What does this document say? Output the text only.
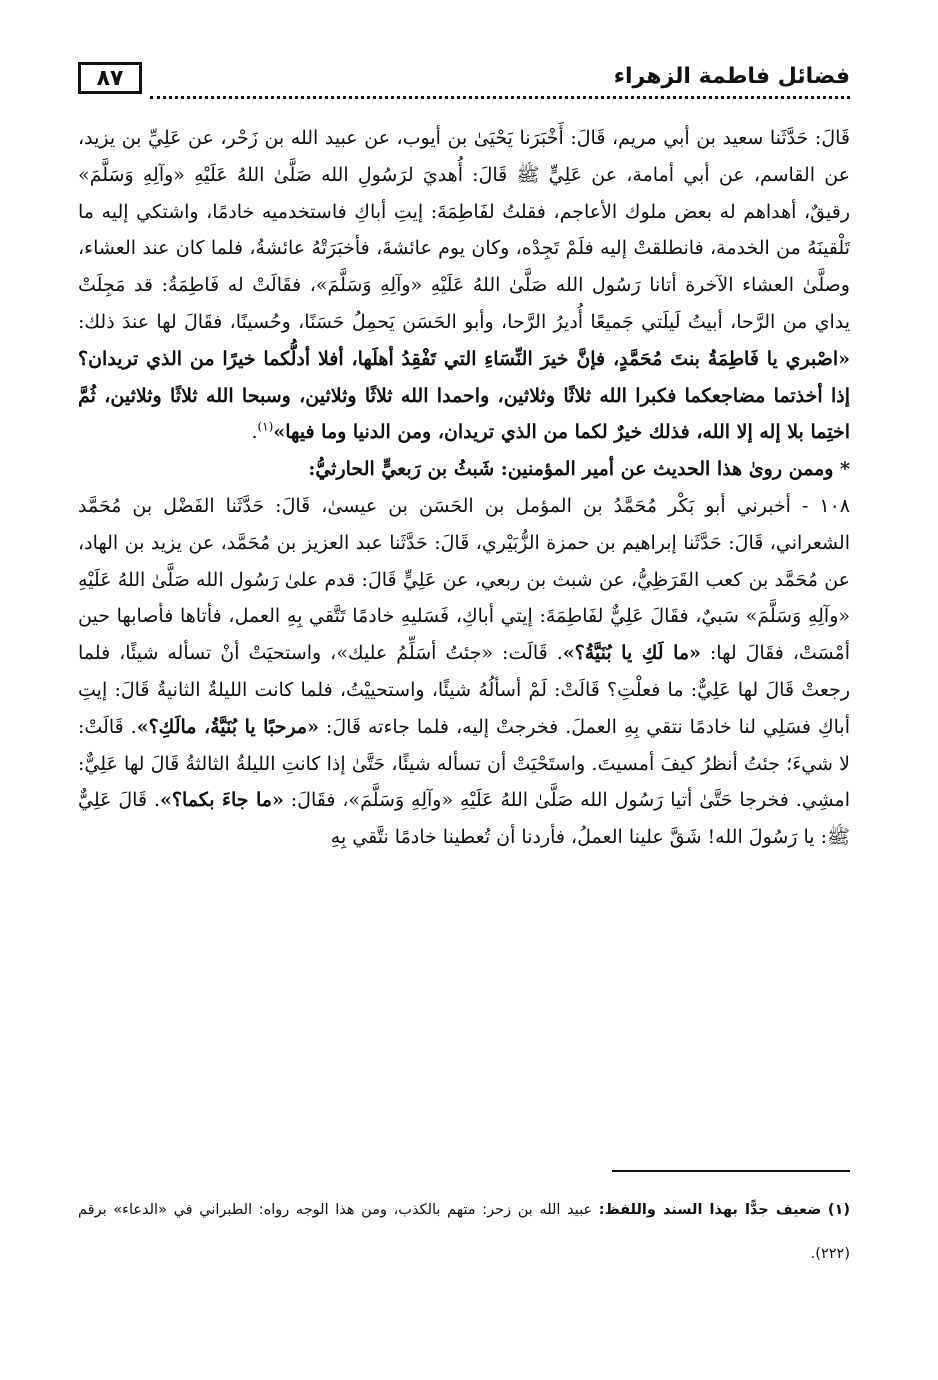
٨٧	فضائل فاطمة الزهراء

قَالَ: حَدَّثَنا سعيد بن أبي مريم، قَالَ: أَخْبَرَنا يَحْيَىٰ بن أيوب، عن عبيد الله بن زَحْر، عن عَلِيِّ بن يزيد، عن القاسم، عن أبي أمامة، عن عَلِيٍّ ﷺ قَالَ: أُهديَ لرَسُولِ الله صَلَّىٰ اللهُ عَلَيْهِ «وآلِهِ وَسَلَّمَ» رقيقٌ، أهداهم له بعض ملوك الأعاجم، فقلتُ لفَاطِمَةَ: إيتِ أباكِ فاستخدميه خادمًا، واشتكي إليه ما تَلْقينَهُ من الخدمة، فانطلقتْ إليه فلَمْ تَجِدْه، وكان يوم عائشةَ، فأخبَرَتْهُ عائشةُ، فلما كان عند العشاء، وصلَّىٰ العشاء الآخرة أتانا رَسُول الله صَلَّىٰ اللهُ عَلَيْهِ «وآلِهِ وَسَلَّمَ»، فقَالَتْ له فَاطِمَةُ: قد مَجِلَتْ يداي من الرَّحا، أبيتُ لَيلَتي جَميعًا أُديرُ الرَّحا، وأبو الحَسَن يَحمِلُ حَسَنًا، وحُسينًا، فقَالَ لها عندَ ذلك: «اصْبري يا فَاطِمَةُ بنتَ مُحَمَّدٍ، فإنَّ خيرَ النِّسَاءِ التي تَفْقِدُ أهلَها، أفلا أدلُّكما خيرًا من الذي تريدان؟ إذا أخذتما مضاجعكما فكبرا الله ثلاثًا وثلاثين، واحمدا الله ثلاثًا وثلاثين، وسبحا الله ثلاثًا وثلاثين، ثُمَّ اختِما بلا إله إلا الله، فذلك خيرٌ لكما من الذي تريدان، ومن الدنيا وما فيها»$^{(١)}$.

* وممن روىٰ هذا الحديث عن أمير المؤمنين: شَبثُ بن رَبعيٍّ الحارثيُّ:

١٠٨ - أخبرني أبو بَكْر مُحَمَّدُ بن المؤمل بن الحَسَن بن عيسىٰ، قَالَ: حَدَّثَنا الفَضْل بن مُحَمَّد الشعراني، قَالَ: حَدَّثَنا إبراهيم بن حمزة الزُّبَيْري، قَالَ: حَدَّثَنا عبد العزيز بن مُحَمَّد، عن يزيد بن الهاد، عن مُحَمَّد بن كعب القَرَظِيُّ، عن شبث بن ربعي، عن عَلِيٍّ قَالَ: قدم علىٰ رَسُول الله صَلَّىٰ اللهُ عَلَيْهِ «وآلِهِ وَسَلَّمَ» سَبيٌ، فقَالَ عَلِيٌّ لفَاطِمَةَ: إيتي أباكِ، فَسَليهِ خادمًا تَتَّقي بِهِ العمل، فأتاها فأصابها حين أمْسَتْ، فقَالَ لها: «ما لَكِ يا بُنَيَّةُ؟». قَالَت: «جئتُ أسَلِّمُ عليك»، واستحيَتْ أنْ تسأله شيئًا، فلما رجعتْ قَالَ لها عَلِيٌّ: ما فعلْتِ؟ قَالَتْ: لَمْ أسألُهُ شيئًا، واستحييْتُ، فلما كانت الليلةُ الثانيةُ قَالَ: إيتِ أباكِ فسَلِي لنا خادمًا نتقي بِهِ العملَ. فخرجتْ إليه، فلما جاءته قَالَ: «مرحبًا يا بُنَيَّةُ، مالَكِ؟». قَالَتْ: لا شيءَ؛ جئتُ أنظرُ كيفَ أمسيتَ. واستَحْيَتْ أن تسأله شيئًا، حَتَّىٰ إذا كانتِ الليلةُ الثالثةُ قَالَ لها عَلِيٌّ: امشِي. فخرجا حَتَّىٰ أتيا رَسُول الله صَلَّىٰ اللهُ عَلَيْهِ «وآلِهِ وَسَلَّمَ»، فقَالَ: «ما جاءَ بكما؟». قَالَ عَلِيٌّ ﷺ: يا رَسُولَ الله! شَقَّ علينا العملُ، فأردنا أن تُعطينا خادمًا نتَّقي بِهِ

(١) ضعيف جدًّا بهذا السند واللفظ: عبيد الله بن زحر: متهم بالكذب، ومن هذا الوجه رواه: الطبراني في «الدعاء» برقم (٢٢٢).
